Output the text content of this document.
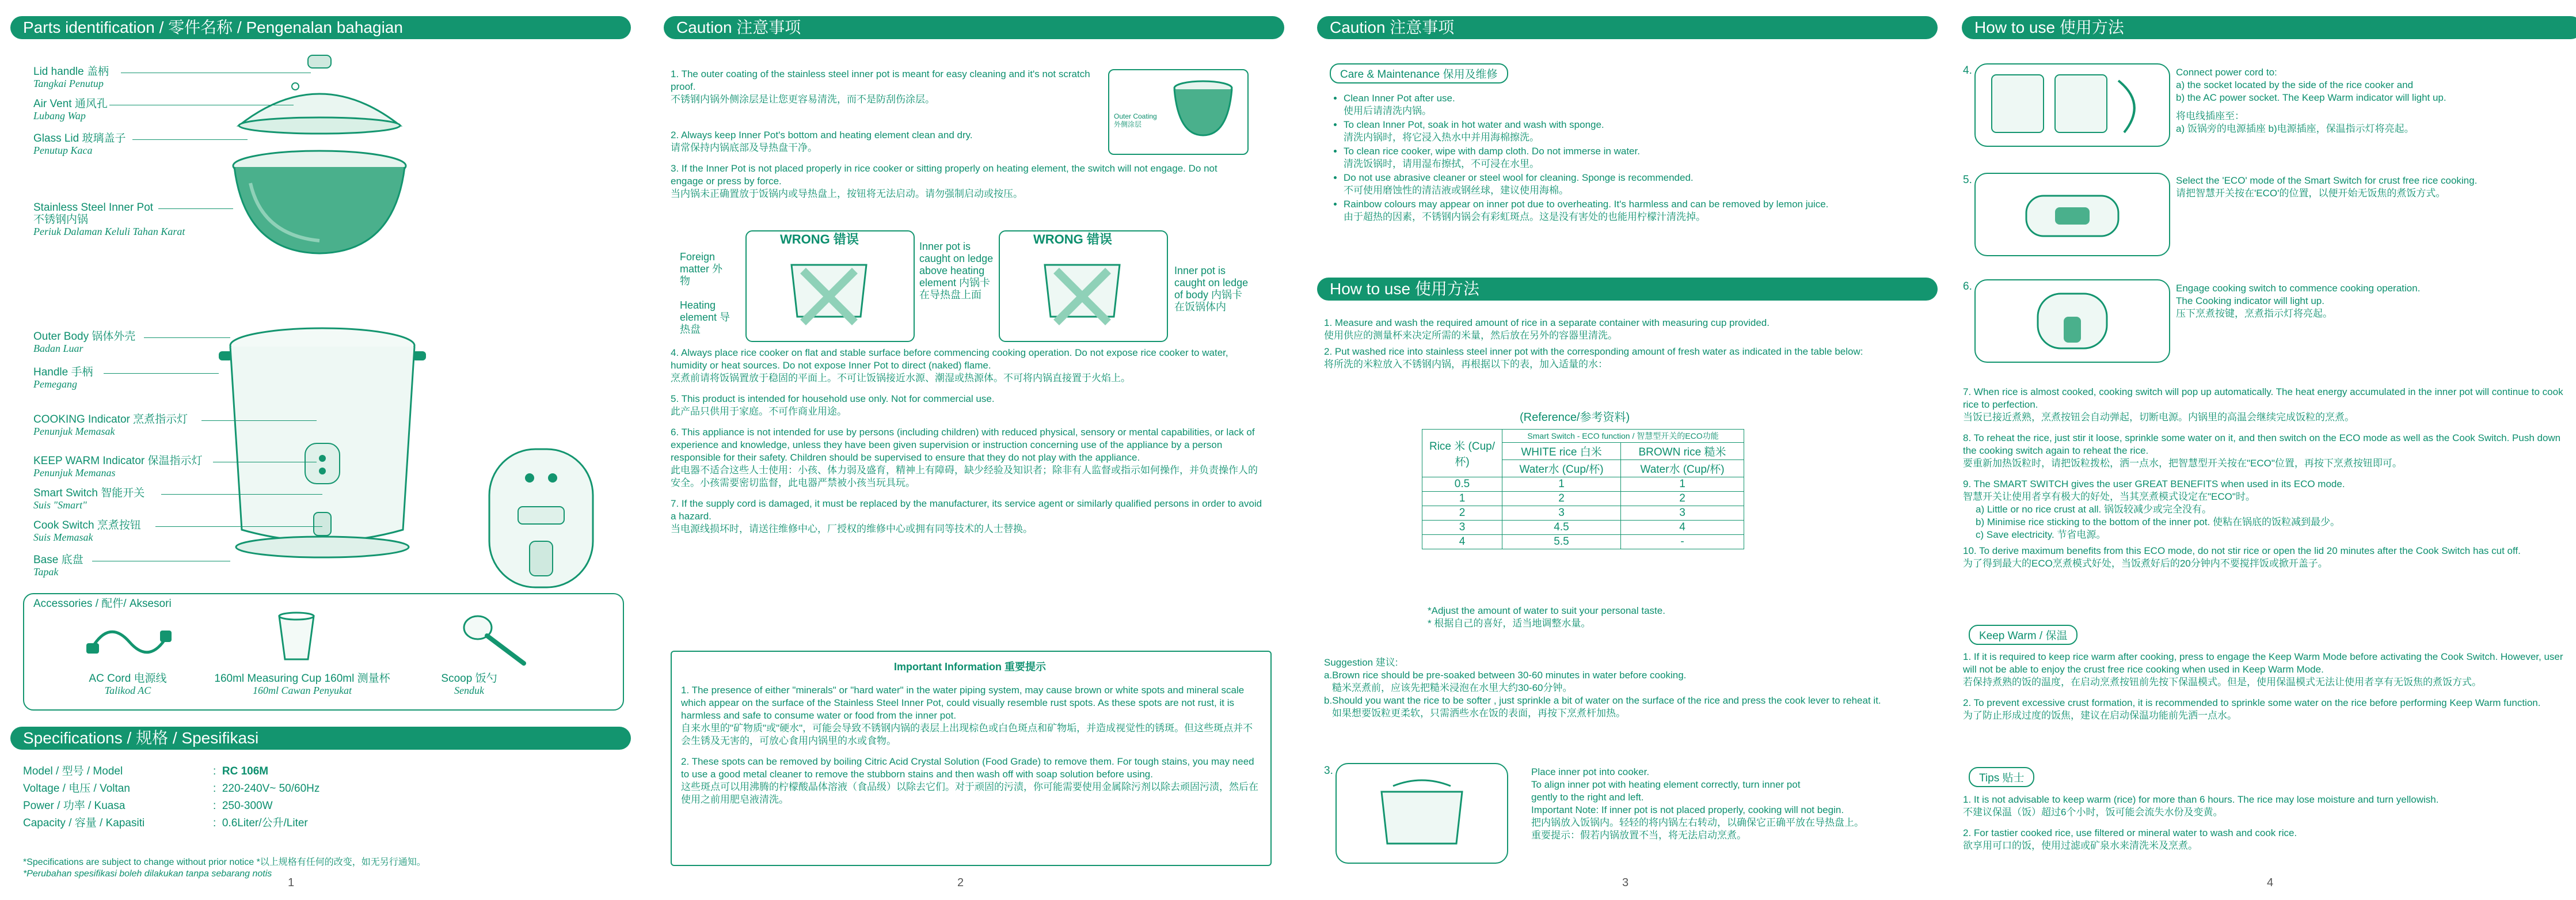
Parts identification / 零件名称 / Pengenalan bahagian
Lid handle 盖柄
Tangkai Penutup
Air Vent 通风孔
Lubang Wap
Glass Lid 玻璃盖子
Penutup Kaca
Stainless Steel Inner Pot
不锈钢内锅
Periuk Dalaman Keluli Tahan Karat
Outer Body 锅体外壳
Badan Luar
Handle 手柄
Pemegang
COOKING Indicator 烹煮指示灯
Penunjuk Memasak
KEEP WARM Indicator 保温指示灯
Penunjuk Memanas
Smart Switch 智能开关
Suis "Smart"
Cook Switch 烹煮按钮
Suis Memasak
Base 底盘
Tapak
Accessories / 配件/ Aksesori
AC Cord 电源线
Talikod AC
160ml Measuring Cup 160ml 测量杯
160ml Cawan Penyukat
Scoop 饭勺
Senduk
Specifications / 规格 / Spesifikasi
Model / 型号 / Model	:  RC 106M
Voltage / 电压 / Voltan	:  220-240V~ 50/60Hz
Power / 功率 / Kuasa	:  250-300W
Capacity / 容量 / Kapasiti	:  0.6Liter/公升/Liter
*Specifications are subject to change without prior notice *以上规格有任何的改变，如无另行通知。
*Perubahan spesifikasi boleh dilakukan tanpa sebarang notis
1
Caution 注意事项
1. The outer coating of the stainless steel inner pot is meant for easy cleaning and it's not scratch proof.
不锈钢内锅外侧涂层是让您更容易清洗，而不是防刮伤涂层。
2. Always keep Inner Pot's bottom and heating element clean and dry.
请常保持内锅底部及导热盘干净。
3. If the Inner Pot is not placed properly in rice cooker or sitting properly on heating element, the switch will not engage. Do not engage or press by force.
当内锅未正确置放于饭锅内或导热盘上，按钮将无法启动。请勿强制启动或按压。
Outer Coating 外侧涂层
Foreign matter 外物
Heating element 导热盘
WRONG 错误	Inner pot is caught on ledge above heating element 内锅卡在导热盘上面
WRONG 错误
Inner pot is caught on ledge of body 内锅卡在饭锅体内
4. Always place rice cooker on flat and stable surface before commencing cooking operation. Do not expose rice cooker to water, humidity or heat sources. Do not expose Inner Pot to direct (naked) flame.
烹煮前请将饭锅置放于稳固的平面上。不可让饭锅接近水源、潮湿或热源体。不可将内锅直接置于火焰上。
5. This product is intended for household use only. Not for commercial use.
此产品只供用于家庭。不可作商业用途。
6. This appliance is not intended for use by persons (including children) with reduced physical, sensory or mental capabilities, or lack of experience and knowledge, unless they have been given supervision or instruction concerning use of the appliance by a person responsible for their safety. Children should be supervised to ensure that they do not play with the appliance.
此电器不适合这些人士使用：小孩、体力弱及盛育，精神上有障碍，缺少经验及知识者；除非有人监督或指示如何操作，并负责操作人的安全。小孩需要密切监督，此电器严禁被小孩当玩具玩。
7. If the supply cord is damaged, it must be replaced by the manufacturer, its service agent or similarly qualified persons in order to avoid a hazard.
当电源线损坏时，请送往维修中心，厂授权的维修中心或拥有同等技术的人士替换。
Important Information 重要提示
1. The presence of either "minerals" or "hard water" in the water piping system, may cause brown or white spots and mineral scale which appear on the surface of the Stainless Steel Inner Pot, could visually resemble rust spots. As these spots are not rust, it is harmless and safe to consume water or food from the inner pot.
自来水里的"矿物质"或"硬水"，可能会导致不锈钢内锅的表层上出现棕色或白色斑点和矿物垢，并造成视觉性的锈斑。但这些斑点并不会生锈及无害的，可放心食用内锅里的水或食物。
2. These spots can be removed by boiling Citric Acid Crystal Solution (Food Grade) to remove them. For tough stains, you may need to use a good metal cleaner to remove the stubborn stains and then wash off with soap solution before using.
这些斑点可以用沸腾的柠檬酸晶体溶液（食品级）以除去它们。对于顽固的污渍，你可能需要使用金属除污剂以除去顽固污渍，然后在使用之前用肥皂液清洗。
2
Caution 注意事项
Care & Maintenance 保用及维修
• Clean Inner Pot after use.
使用后请清洗内锅。
• To clean Inner Pot, soak in hot water and wash with sponge.
清洗内锅时，将它浸入热水中并用海棉擦洗。
• To clean rice cooker, wipe with damp cloth. Do not immerse in water.
清洗饭锅时，请用湿布擦拭，不可浸在水里。
• Do not use abrasive cleaner or steel wool for cleaning. Sponge is recommended.
不可使用磨蚀性的清洁液或钢丝球，建议使用海棉。
• Rainbow colours may appear on inner pot due to overheating. It's harmless and can be removed by lemon juice.
由于超热的因素，不锈钢内锅会有彩虹斑点。这是没有害处的也能用柠檬汁清洗掉。
How to use 使用方法
1. Measure and wash the required amount of rice in a separate container with measuring cup provided.
使用供应的测量杯来决定所需的米量，然后放在另外的容器里清洗。
2. Put washed rice into stainless steel inner pot with the corresponding amount of fresh water as indicated in the table below:
将所洗的米粒放入不锈钢内锅，再根据以下的表，加入适量的水：
(Reference/参考资料)
Rice 米 (Cup/杯)	Smart Switch - ECO function / 智慧型开关的ECO功能	
	WHITE rice 白米	BROWN rice 糙米
	Water水 (Cup/杯)	Water水 (Cup/杯)
0.5	1	1
1	2	2
2	3	3
3	4.5	4
4	5.5	-
*Adjust the amount of water to suit your personal taste.
* 根据自己的喜好，适当地调整水量。
Suggestion 建议:
a.Brown rice should be pre-soaked between 30-60 minutes in water before cooking.
糙米烹煮前，应该先把糙米浸泡在水里大约30-60分钟。
b.Should you want the rice to be softer , just sprinkle a bit of water on the surface of the rice and press the cook lever to reheat it.
如果想要饭粒更柔软，只需洒些水在饭的表面，再按下烹煮杆加热。
3.	Place inner pot into cooker.
To align inner pot with heating element correctly, turn inner pot
gently to the right and left.
Important Note: If inner pot is not placed properly, cooking will not begin.
把内锅放入饭锅内。轻轻的将内锅左右转动，以确保它正确平放在导热盘上。
重要提示：假若内锅放置不当，将无法启动烹煮。
3
How to use 使用方法
4.	Connect power cord to:
a) the socket located by the side of the rice cooker and
b) the AC power socket. The Keep Warm indicator will light up.
将电线插座至：
a) 饭锅旁的电源插座 b)电源插座，保温指示灯将亮起。
5.	Select the 'ECO' mode of the Smart Switch for crust free rice cooking.
请把智慧开关按在'ECO'的位置，以便开始无饭焦的煮饭方式。
6.	Engage cooking switch to commence cooking operation.
The Cooking indicator will light up.
压下烹煮按键，烹煮指示灯将亮起。
7. When rice is almost cooked, cooking switch will pop up automatically. The heat energy accumulated in the inner pot will continue to cook rice to perfection.
当饭已接近煮熟，烹煮按钮会自动弹起，切断电源。内锅里的高温会继续完成饭粒的烹煮。
8. To reheat the rice, just stir it loose, sprinkle some water on it, and then switch on the ECO mode as well as the Cook Switch. Push down the cooking switch again to reheat the rice.
要重新加热饭粒时，请把饭粒拨松，洒一点水，把智慧型开关按在"ECO"位置，再按下烹煮按钮即可。
9. The SMART SWITCH gives the user GREAT BENEFITS when used in its ECO mode.
智慧开关让使用者享有极大的好处，当其烹煮模式设定在"ECO"时。
a) Little or no rice crust at all. 锅饭较减少或完全没有。
b) Minimise rice sticking to the bottom of the inner pot. 使粘在锅底的饭粒减到最少。
c) Save electricity. 节省电源。
10. To derive maximum benefits from this ECO mode, do not stir rice or open the lid 20 minutes after the Cook Switch has cut off.
为了得到最大的ECO烹煮模式好处，当饭煮好后的20分钟内不要搅拌饭或掀开盖子。
Keep Warm / 保温
1. If it is required to keep rice warm after cooking, press to engage the Keep Warm Mode before activating the Cook Switch. However, user will not be able to enjoy the crust free rice cooking when used in Keep Warm Mode.
若保持煮熟的饭的温度，在启动烹煮按钮前先按下保温模式。但是，使用保温模式无法让使用者享有无饭焦的煮饭方式。
2. To prevent excessive crust formation, it is recommended to sprinkle some water on the rice before performing Keep Warm function.
为了防止形成过度的饭焦，建议在启动保温功能前先洒一点水。
Tips 贴士
1. It is not advisable to keep warm (rice) for more than 6 hours. The rice may lose moisture and turn yellowish.
不建议保温（饭）超过6个小时，饭可能会流失水份及变黄。
2. For tastier cooked rice, use filtered or mineral water to wash and cook rice.
欲享用可口的饭，使用过滤或矿泉水来清洗米及烹煮。
4
